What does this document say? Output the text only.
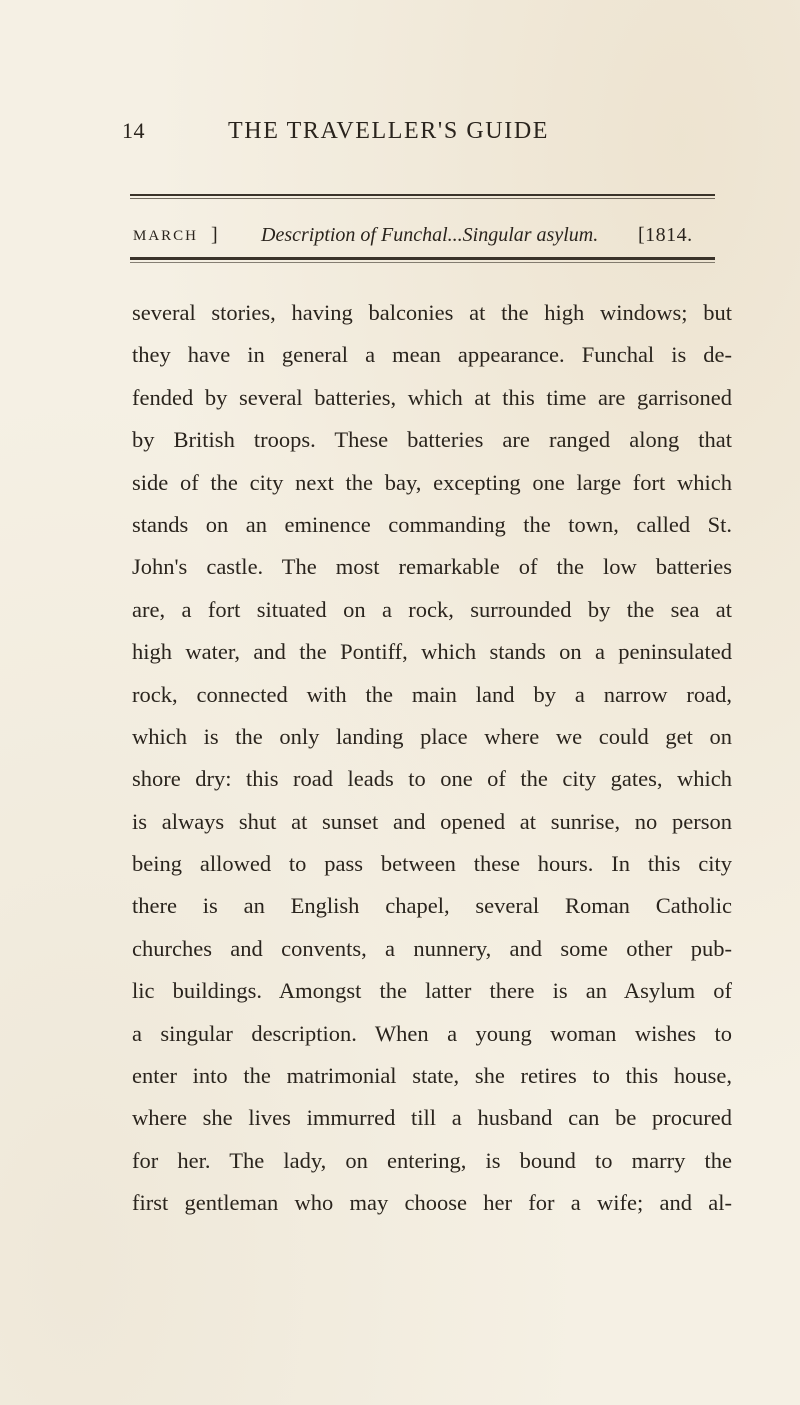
14	THE TRAVELLER'S GUIDE
MARCH ] Description of Funchal...Singular asylum. [1814.
several stories, having balconies at the high windows; but
they have in general a mean appearance. Funchal is de-
fended by several batteries, which at this time are garrisoned
by British troops. These batteries are ranged along that
side of the city next the bay, excepting one large fort which
stands on an eminence commanding the town, called St.
John's castle. The most remarkable of the low batteries
are, a fort situated on a rock, surrounded by the sea at
high water, and the Pontiff, which stands on a peninsulated
rock, connected with the main land by a narrow road,
which is the only landing place where we could get on
shore dry: this road leads to one of the city gates, which
is always shut at sunset and opened at sunrise, no person
being allowed to pass between these hours. In this city
there is an English chapel, several Roman Catholic
churches and convents, a nunnery, and some other pub-
lic buildings. Amongst the latter there is an Asylum of
a singular description. When a young woman wishes to
enter into the matrimonial state, she retires to this house,
where she lives immurred till a husband can be procured
for her. The lady, on entering, is bound to marry the
first gentleman who may choose her for a wife; and al-
